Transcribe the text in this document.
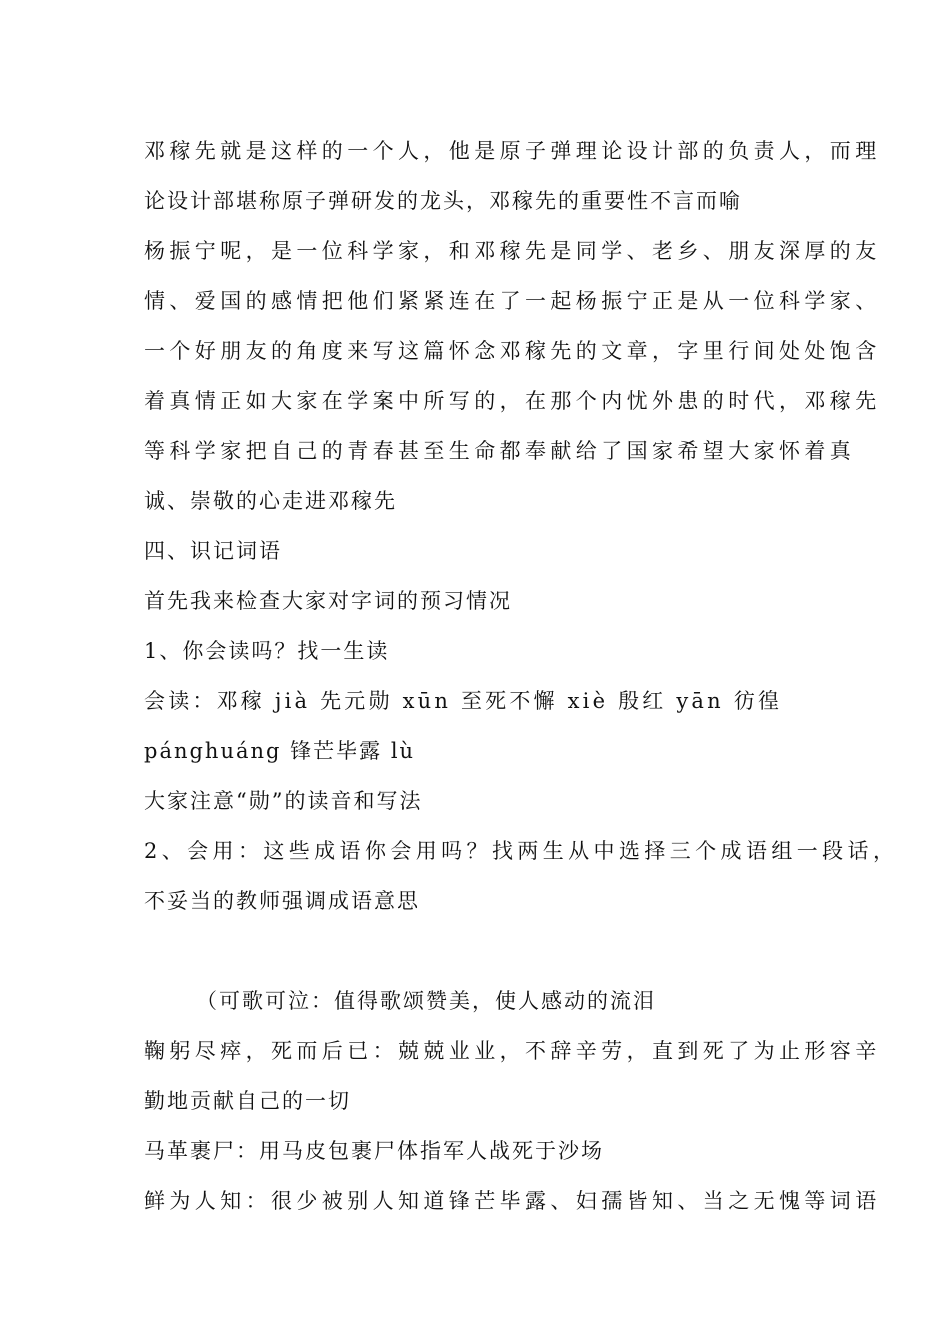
邓稼先就是这样的一个人，他是原子弹理论设计部的负责人，而理
论设计部堪称原子弹研发的龙头，邓稼先的重要性不言而喻
杨振宁呢，是一位科学家，和邓稼先是同学、老乡、朋友深厚的友
情、爱国的感情把他们紧紧连在了一起杨振宁正是从一位科学家、
一个好朋友的角度来写这篇怀念邓稼先的文章，字里行间处处饱含
着真情正如大家在学案中所写的，在那个内忧外患的时代，邓稼先
等科学家把自己的青春甚至生命都奉献给了国家希望大家怀着真
诚、崇敬的心走进邓稼先
四、识记词语
首先我来检查大家对字词的预习情况
1、你会读吗？找一生读
会读：邓稼 jià 先元勋 xūn 至死不懈 xiè 殷红 yān 彷徨
pánghuáng 锋芒毕露 lù
大家注意“勋”的读音和写法
2、会用：这些成语你会用吗？找两生从中选择三个成语组一段话，
不妥当的教师强调成语意思
（可歌可泣：值得歌颂赞美，使人感动的流泪
鞠躬尽瘁，死而后已：兢兢业业，不辞辛劳，直到死了为止形容辛
勤地贡献自己的一切
马革裹尸：用马皮包裹尸体指军人战死于沙场
鲜为人知：很少被别人知道锋芒毕露、妇孺皆知、当之无愧等词语
